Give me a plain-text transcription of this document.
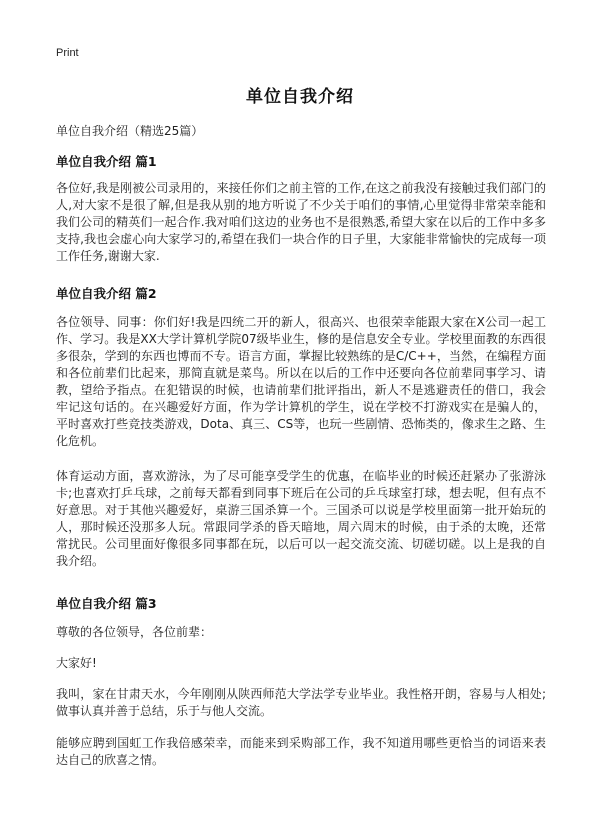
Print
单位自我介绍
单位自我介绍（精选25篇）
单位自我介绍 篇1

各位好,我是刚被公司录用的，来接任你们之前主管的工作,在这之前我没有接触过我们部门的人,对大家不是很了解,但是我从别的地方听说了不少关于咱们的事情,心里觉得非常荣幸能和我们公司的精英们一起合作.我对咱们这边的业务也不是很熟悉,希望大家在以后的工作中多多支持,我也会虚心向大家学习的,希望在我们一块合作的日子里，大家能非常愉快的完成每一项工作任务,谢谢大家.

单位自我介绍 篇2

各位领导、同事：你们好!我是四统二开的新人，很高兴、也很荣幸能跟大家在X公司一起工作、学习。我是XX大学计算机学院07级毕业生，修的是信息安全专业。学校里面教的东西很多很杂，学到的东西也博而不专。语言方面，掌握比较熟练的是C/C++，当然，在编程方面和各位前辈们比起来，那简直就是菜鸟。所以在以后的工作中还要向各位前辈同事学习、请教，望给予指点。在犯错误的时候，也请前辈们批评指出，新人不是逃避责任的借口，我会牢记这句话的。在兴趣爱好方面，作为学计算机的学生，说在学校不打游戏实在是骗人的，平时喜欢打些竞技类游戏，Dota、真三、CS等，也玩一些剧情、恐怖类的，像求生之路、生化危机。

体育运动方面，喜欢游泳，为了尽可能享受学生的优惠，在临毕业的时候还赶紧办了张游泳卡;也喜欢打乒乓球，之前每天都看到同事下班后在公司的乒乓球室打球，想去呢，但有点不好意思。对于其他兴趣爱好，桌游三国杀算一个。三国杀可以说是学校里面第一批开始玩的人，那时候还没那多人玩。常跟同学杀的昏天暗地，周六周末的时候，由于杀的太晚，还常常扰民。公司里面好像很多同事都在玩，以后可以一起交流交流、切磋切磋。以上是我的自我介绍。

单位自我介绍 篇3

尊敬的各位领导，各位前辈：

大家好!

我叫，家在甘肃天水，今年刚刚从陕西师范大学法学专业毕业。我性格开朗，容易与人相处;做事认真并善于总结，乐于与他人交流。

能够应聘到国虹工作我倍感荣幸，而能来到采购部工作，我不知道用哪些更恰当的词语来表达自己的欣喜之情。
